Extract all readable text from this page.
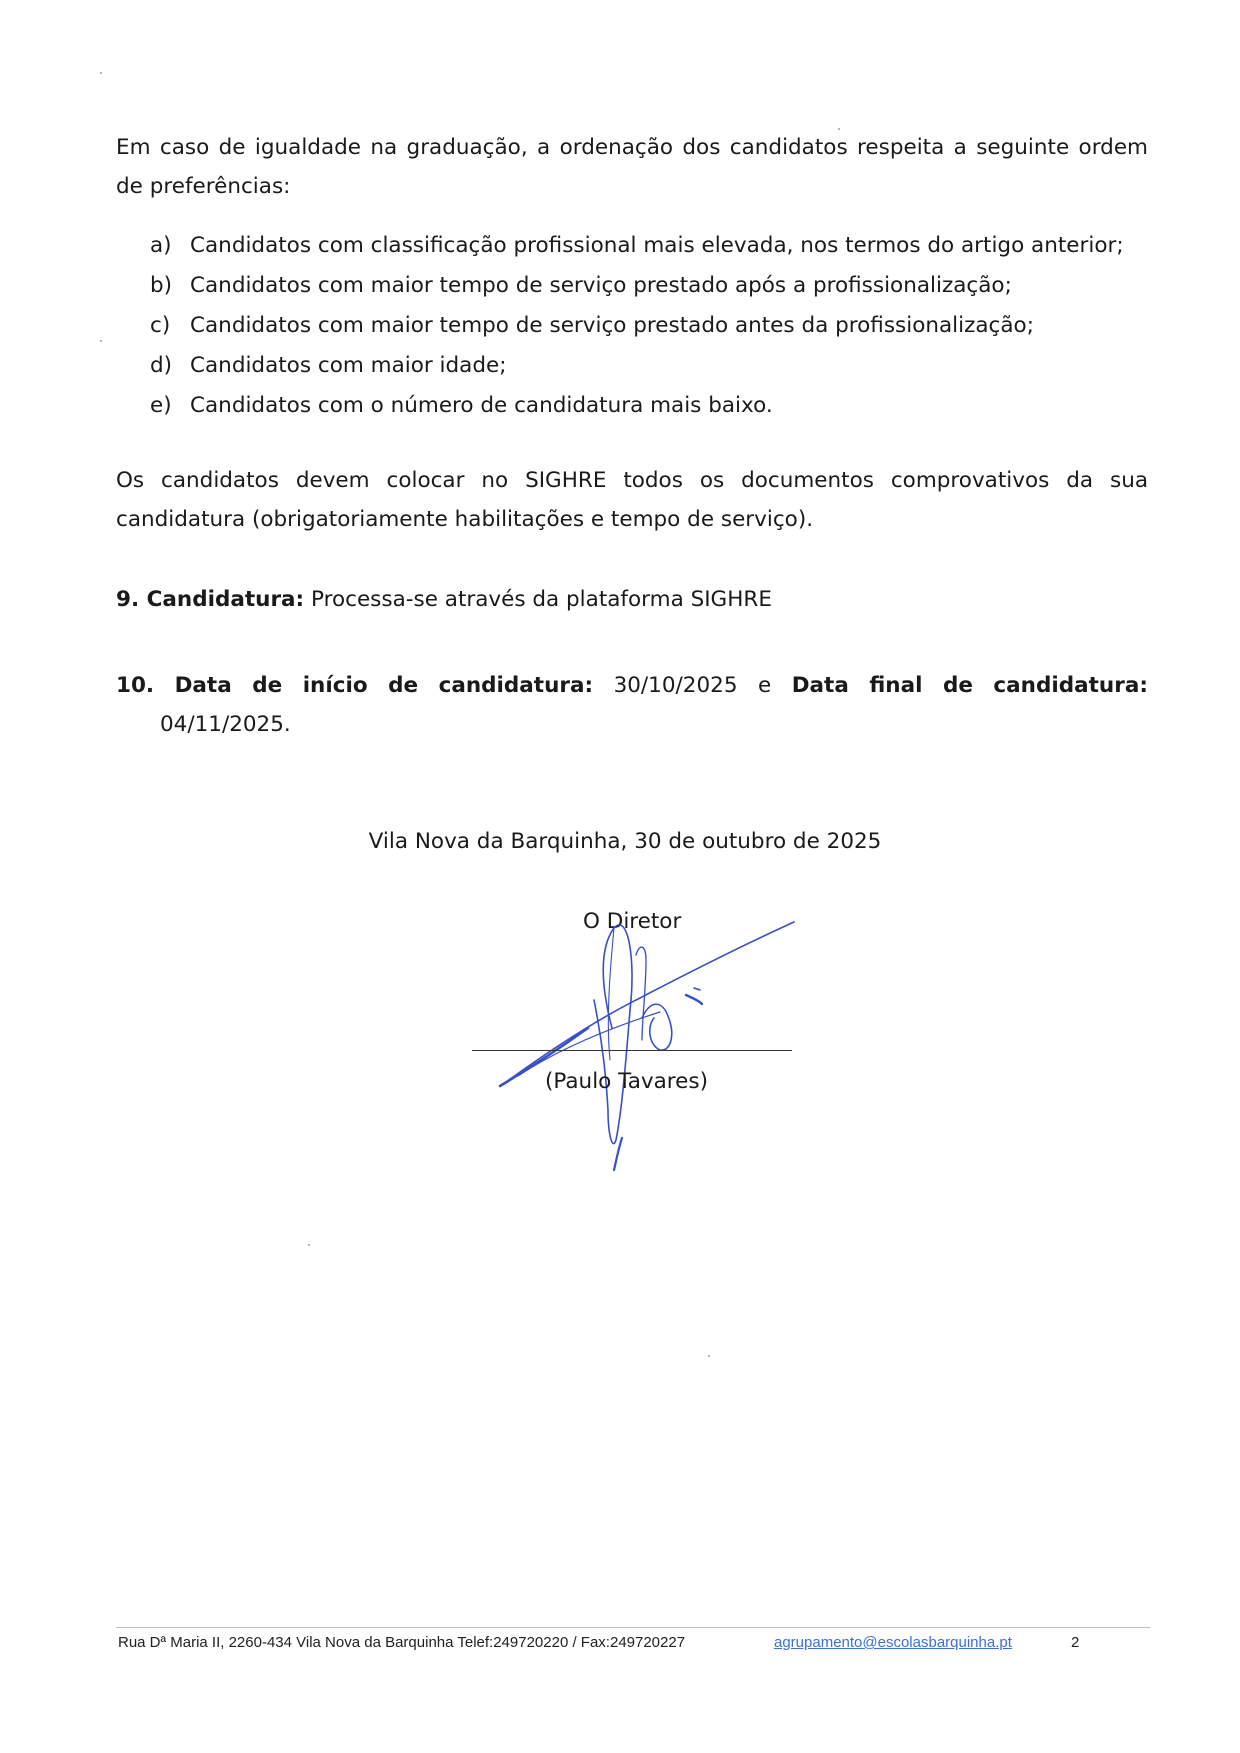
Em caso de igualdade na graduação, a ordenação dos candidatos respeita a seguinte ordem de preferências:

a) Candidatos com classificação profissional mais elevada, nos termos do artigo anterior;
b) Candidatos com maior tempo de serviço prestado após a profissionalização;
c) Candidatos com maior tempo de serviço prestado antes da profissionalização;
d) Candidatos com maior idade;
e) Candidatos com o número de candidatura mais baixo.

Os candidatos devem colocar no SIGHRE todos os documentos comprovativos da sua candidatura (obrigatoriamente habilitações e tempo de serviço).

9. Candidatura: Processa-se através da plataforma SIGHRE
10. Data de início de candidatura: 30/10/2025 e Data final de candidatura:
04/11/2025.
Vila Nova da Barquinha, 30 de outubro de 2025
O Diretor
(Paulo Tavares)
Rua Dª Maria II, 2260-434 Vila Nova da Barquinha Telef:249720220 / Fax:249720227	agrupamento@escolasbarquinha.pt	2
